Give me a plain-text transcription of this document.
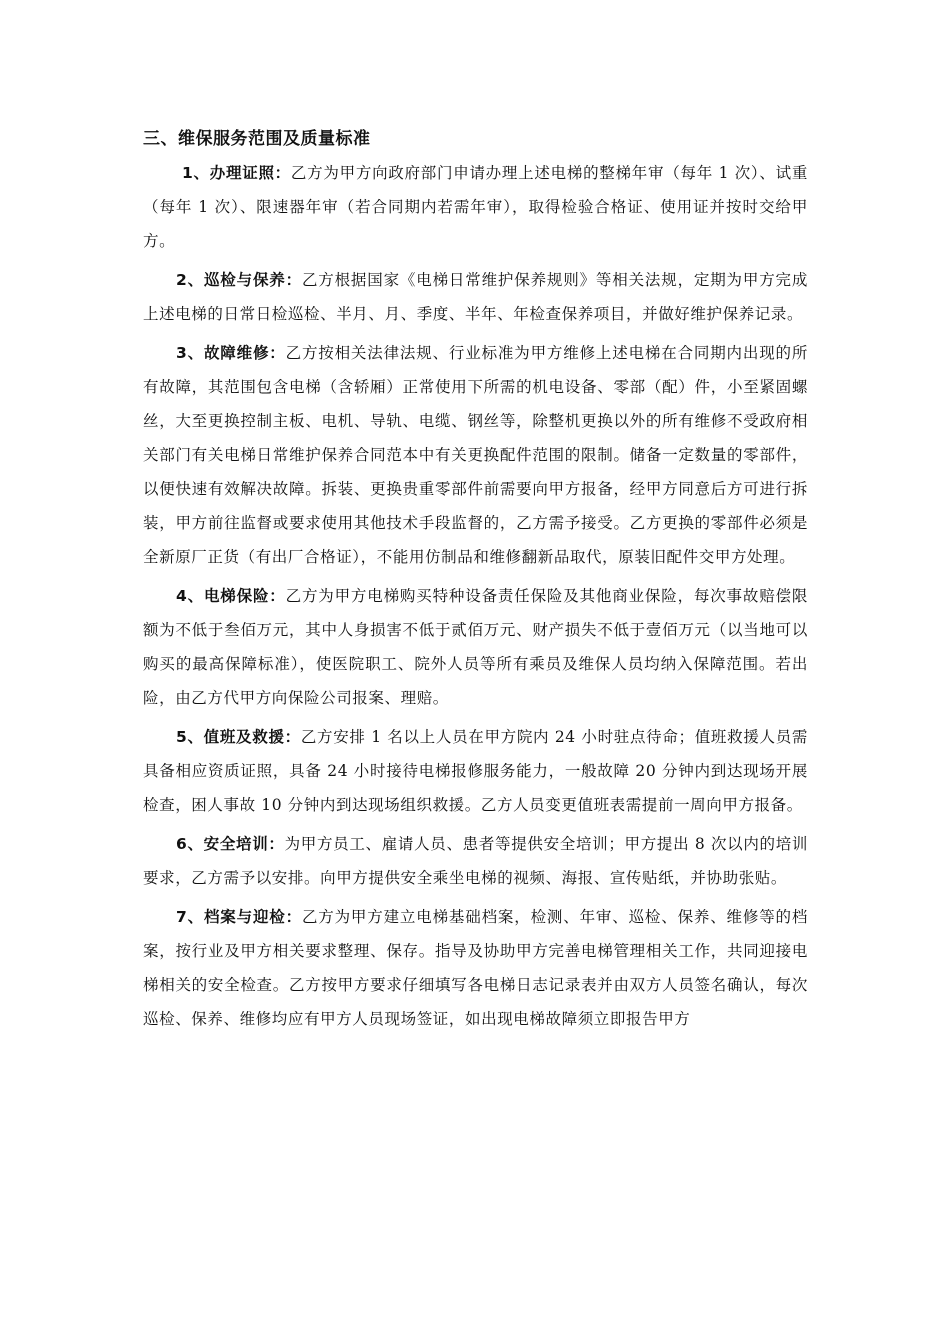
三、维保服务范围及质量标准

1、办理证照：乙方为甲方向政府部门申请办理上述电梯的整梯年审（每年 1 次）、试重（每年 1 次）、限速器年审（若合同期内若需年审），取得检验合格证、使用证并按时交给甲方。

2、巡检与保养：乙方根据国家《电梯日常维护保养规则》等相关法规，定期为甲方完成上述电梯的日常日检巡检、半月、月、季度、半年、年检查保养项目，并做好维护保养记录。

3、故障维修：乙方按相关法律法规、行业标准为甲方维修上述电梯在合同期内出现的所有故障，其范围包含电梯（含轿厢）正常使用下所需的机电设备、零部（配）件，小至紧固螺丝，大至更换控制主板、电机、导轨、电缆、钢丝等，除整机更换以外的所有维修不受政府相关部门有关电梯日常维护保养合同范本中有关更换配件范围的限制。储备一定数量的零部件，以便快速有效解决故障。拆装、更换贵重零部件前需要向甲方报备，经甲方同意后方可进行拆装，甲方前往监督或要求使用其他技术手段监督的，乙方需予接受。乙方更换的零部件必须是全新原厂正货（有出厂合格证），不能用仿制品和维修翻新品取代，原装旧配件交甲方处理。

4、电梯保险：乙方为甲方电梯购买特种设备责任保险及其他商业保险，每次事故赔偿限额为不低于叁佰万元，其中人身损害不低于贰佰万元、财产损失不低于壹佰万元（以当地可以购买的最高保障标准），使医院职工、院外人员等所有乘员及维保人员均纳入保障范围。若出险，由乙方代甲方向保险公司报案、理赔。

5、值班及救援：乙方安排 1 名以上人员在甲方院内 24 小时驻点待命；值班救援人员需具备相应资质证照，具备 24 小时接待电梯报修服务能力，一般故障 20 分钟内到达现场开展检查，困人事故 10 分钟内到达现场组织救援。乙方人员变更值班表需提前一周向甲方报备。

6、安全培训：为甲方员工、雇请人员、患者等提供安全培训；甲方提出 8 次以内的培训要求，乙方需予以安排。向甲方提供安全乘坐电梯的视频、海报、宣传贴纸，并协助张贴。

7、档案与迎检：乙方为甲方建立电梯基础档案，检测、年审、巡检、保养、维修等的档案，按行业及甲方相关要求整理、保存。指导及协助甲方完善电梯管理相关工作，共同迎接电梯相关的安全检查。乙方按甲方要求仔细填写各电梯日志记录表并由双方人员签名确认，每次巡检、保养、维修均应有甲方人员现场签证，如出现电梯故障须立即报告甲方
